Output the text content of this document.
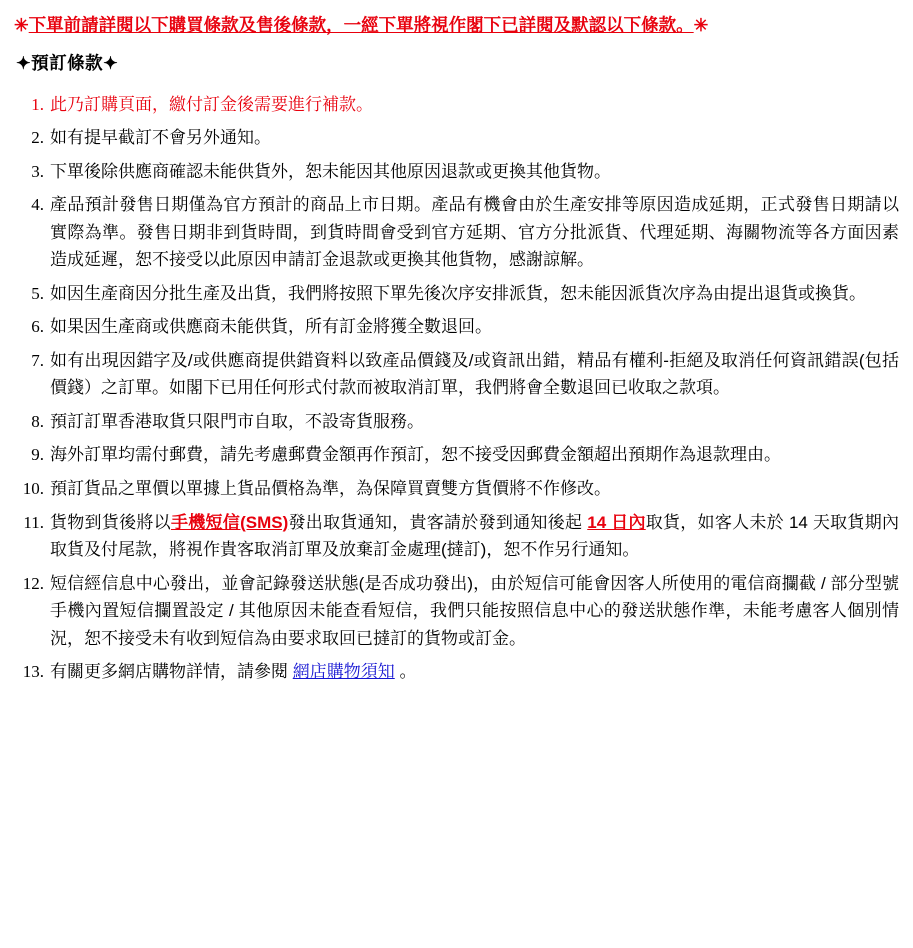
✳下單前請詳閱以下購買條款及售後條款，一經下單將視作閣下已詳閱及默認以下條款。✳
✦預訂條款✦
此乃訂購頁面，繳付訂金後需要進行補款。
如有提早截訂不會另外通知。
下單後除供應商確認未能供貨外，恕未能因其他原因退款或更換其他貨物。
產品預計發售日期僅為官方預計的商品上市日期。產品有機會由於生產安排等原因造成延期，正式發售日期請以實際為準。發售日期非到貨時間，到貨時間會受到官方延期、官方分批派貨、代理延期、海關物流等各方面因素造成延遲，恕不接受以此原因申請訂金退款或更換其他貨物，感謝諒解。
如因生產商因分批生產及出貨，我們將按照下單先後次序安排派貨，恕未能因派貨次序為由提出退貨或換貨。
如果因生產商或供應商未能供貨，所有訂金將獲全數退回。
如有出現因錯字及/或供應商提供錯資料以致產品價錢及/或資訊出錯，精品有權利-拒絕及取消任何資訊錯誤(包括價錢）之訂單。如閣下已用任何形式付款而被取消訂單，我們將會全數退回已收取之款項。
預訂訂單香港取貨只限門市自取，不設寄貨服務。
海外訂單均需付郵費，請先考慮郵費金額再作預訂，恕不接受因郵費金額超出預期作為退款理由。
預訂貨品之單價以單據上貨品價格為準，為保障買賣雙方貨價將不作修改。
貨物到貨後將以手機短信(SMS)發出取貨通知，貴客請於發到通知後起 14 日內取貨，如客人未於 14 天取貨期內取貨及付尾款，將視作貴客取消訂單及放棄訂金處理(撻訂)，恕不作另行通知。
短信經信息中心發出，並會記錄發送狀態(是否成功發出)，由於短信可能會因客人所使用的電信商攔截 / 部分型號手機內置短信攔置設定 / 其他原因未能查看短信，我們只能按照信息中心的發送狀態作準，未能考慮客人個別情況，恕不接受未有收到短信為由要求取回已撻訂的貨物或訂金。
有關更多網店購物詳情，請參閱 網店購物須知 。
